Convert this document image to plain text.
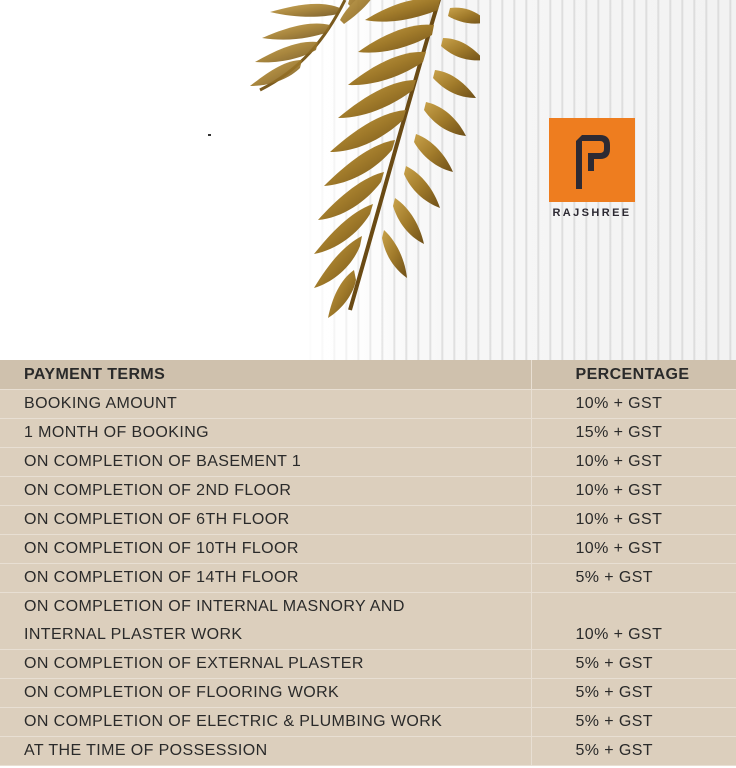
RAJSHREE
PAYMENT TERMS	PERCENTAGE
BOOKING AMOUNT	10% + GST
1 MONTH OF BOOKING	15% + GST
ON COMPLETION OF BASEMENT 1	10% + GST
ON COMPLETION OF 2ND FLOOR	10% + GST
ON COMPLETION OF 6TH FLOOR	10% + GST
ON COMPLETION OF 10TH FLOOR	10% + GST
ON COMPLETION OF 14TH FLOOR	5% + GST
ON COMPLETION OF INTERNAL MASNORY AND	
INTERNAL PLASTER WORK	10% + GST
ON COMPLETION OF EXTERNAL PLASTER	5% + GST
ON COMPLETION OF FLOORING WORK	5% + GST
ON COMPLETION OF ELECTRIC & PLUMBING WORK	5% + GST
AT THE TIME OF POSSESSION	5% + GST
